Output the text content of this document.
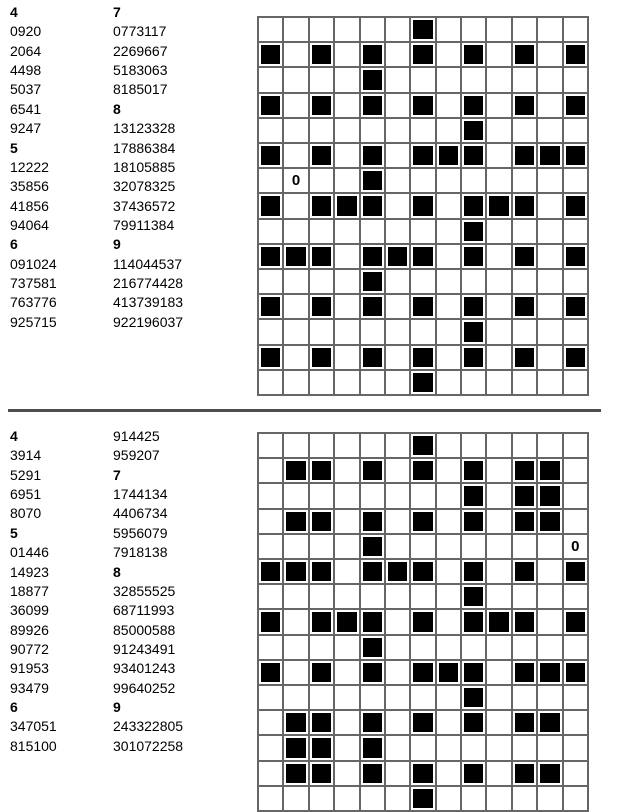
4
0920
2064
4498
5037
6541
9247
5
12222
35856
41856
94064
6
091024
737581
763776
925715
7
0773117
2269667
5183063
8185017
8
13123328
17886384
18105885
32078325
37436572
79911384
9
114044537
216774428
413739183
922196037
0
4
3914
5291
6951
8070
5
01446
14923
18877
36099
89926
90772
91953
93479
6
347051
815100
914425
959207
7
1744134
4406734
5956079
7918138
8
32855525
68711993
85000588
91243491
93401243
99640252
9
243322805
301072258
0
